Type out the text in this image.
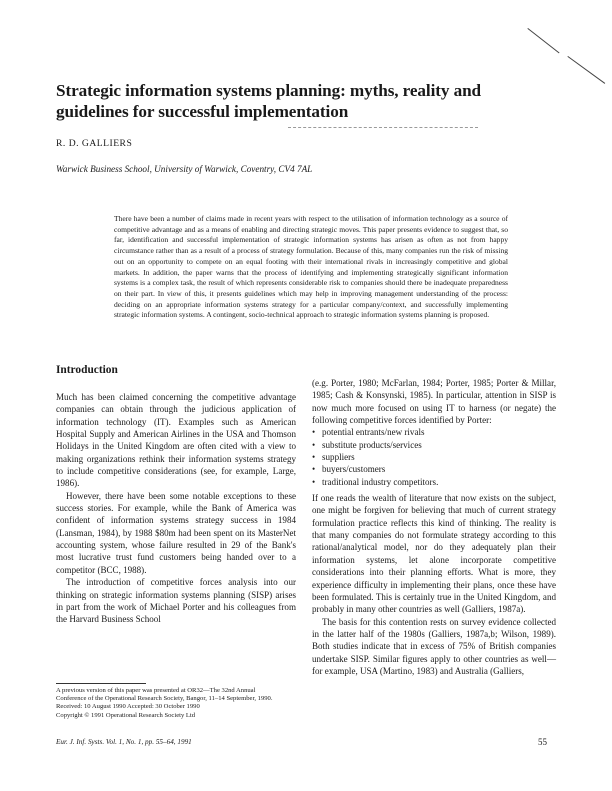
Strategic information systems planning: myths, reality and guidelines for successful implementation
R. D. GALLIERS
Warwick Business School, University of Warwick, Coventry, CV4 7AL

There have been a number of claims made in recent years with respect to the utilisation of information technology as a source of competitive advantage and as a means of enabling and directing strategic moves. This paper presents evidence to suggest that, so far, identification and successful implementation of strategic information systems has arisen as often as not from happy circumstance rather than as a result of a process of strategy formulation. Because of this, many companies run the risk of missing out on an opportunity to compete on an equal footing with their international rivals in increasingly competitive and global markets. In addition, the paper warns that the process of identifying and implementing strategically significant information systems is a complex task, the result of which represents considerable risk to companies should there be inadequate preparedness on their part. In view of this, it presents guidelines which may help in improving management understanding of the process: deciding on an appropriate information systems strategy for a particular company/context, and successfully implementing strategic information systems. A contingent, socio-technical approach to strategic information systems planning is proposed.

Introduction

Much has been claimed concerning the competitive advantage companies can obtain through the judicious application of information technology (IT). Examples such as American Hospital Supply and American Airlines in the USA and Thomson Holidays in the United Kingdom are often cited with a view to making organizations rethink their information systems strategy to include competitive considerations (see, for example, Large, 1986).

However, there have been some notable exceptions to these success stories. For example, while the Bank of America was confident of information systems strategy success in 1984 (Lansman, 1984), by 1988 $80m had been spent on its MasterNet accounting system, whose failure resulted in 29 of the Bank's most lucrative trust fund customers being handed over to a competitor (BCC, 1988).

The introduction of competitive forces analysis into our thinking on strategic information systems planning (SISP) arises in part from the work of Michael Porter and his colleagues from the Harvard Business School

(e.g. Porter, 1980; McFarlan, 1984; Porter, 1985; Porter & Millar, 1985; Cash & Konsynski, 1985). In particular, attention in SISP is now much more focused on using IT to harness (or negate) the following competitive forces identified by Porter:

• potential entrants/new rivals
• substitute products/services
• suppliers
• buyers/customers
• traditional industry competitors.

If one reads the wealth of literature that now exists on the subject, one might be forgiven for believing that much of current strategy formulation practice reflects this kind of thinking. The reality is that many companies do not formulate strategy according to this rational/analytical model, nor do they adequately plan their information systems, let alone incorporate competitive considerations into their planning efforts. What is more, they experience difficulty in implementing their plans, once these have been formulated. This is certainly true in the United Kingdom, and probably in many other countries as well (Galliers, 1987a).

The basis for this contention rests on survey evidence collected in the latter half of the 1980s (Galliers, 1987a,b; Wilson, 1989). Both studies indicate that in excess of 75% of British companies undertake SISP. Similar figures apply to other countries as well—for example, USA (Martino, 1983) and Australia (Galliers,

A previous version of this paper was presented at OR32—The 32nd Annual Conference of the Operational Research Society, Bangor, 11–14 September, 1990.
Received: 10 August 1990 Accepted: 30 October 1990
Copyright © 1991 Operational Research Society Ltd

Eur. J. Inf. Systs. Vol. 1, No. 1, pp. 55–64, 1991	55
